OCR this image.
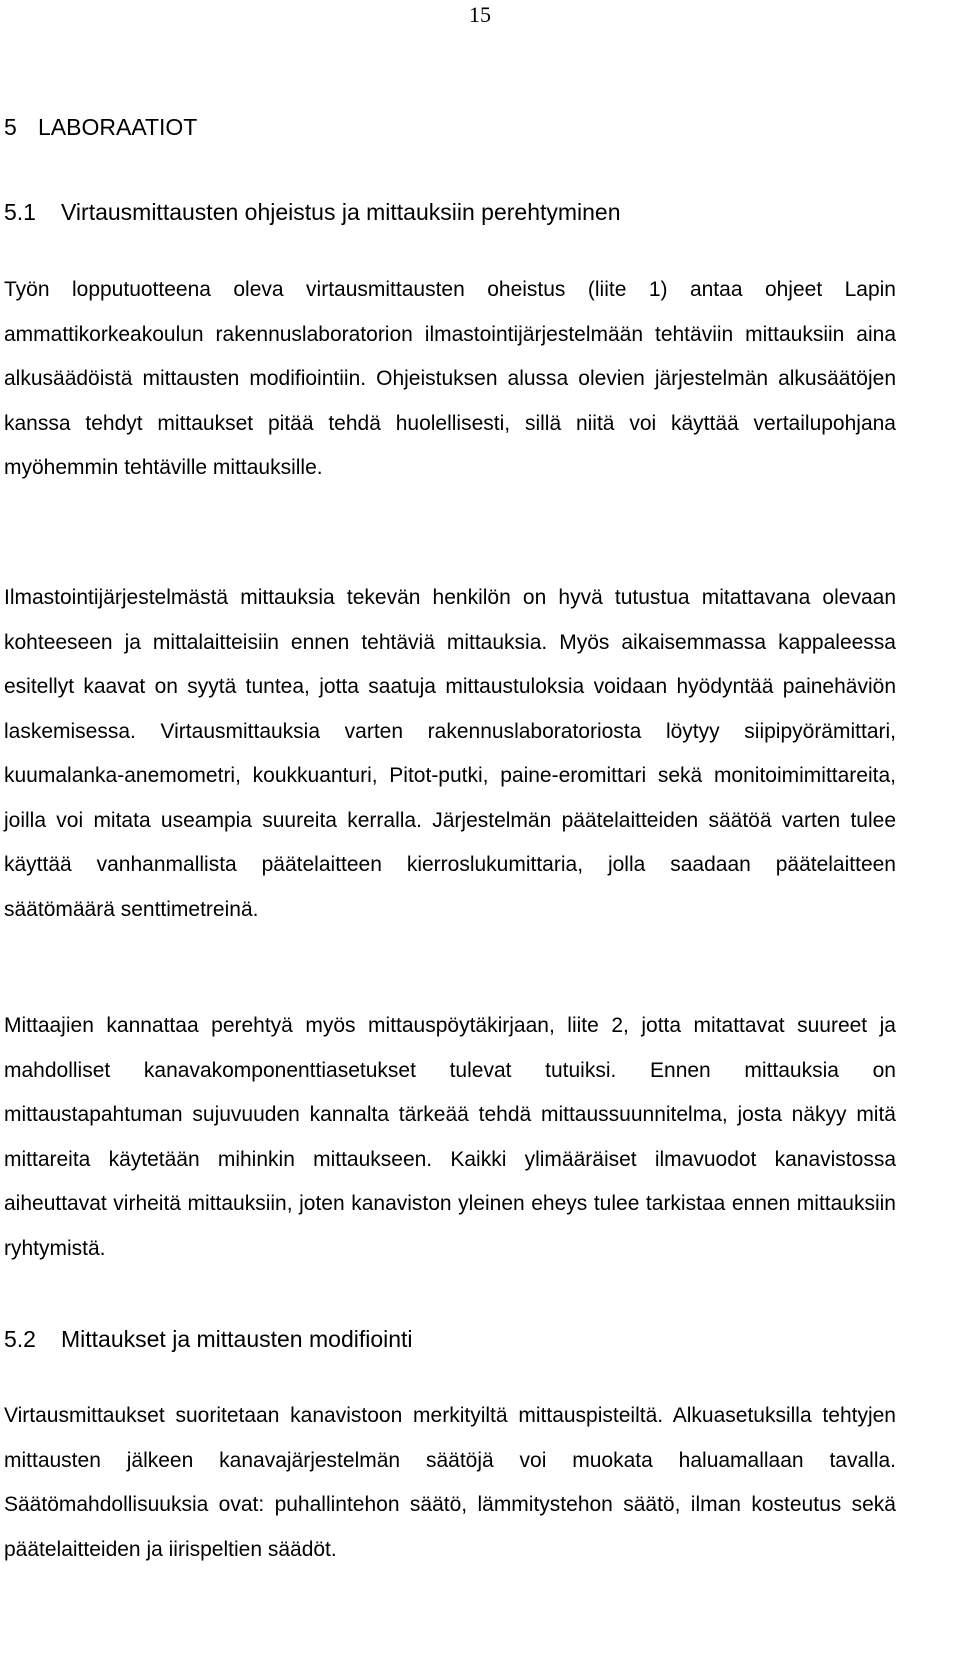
15
5 LABORAATIOT
5.1 Virtausmittausten ohjeistus ja mittauksiin perehtyminen

Työn lopputuotteena oleva virtausmittausten oheistus (liite 1) antaa ohjeet Lapin ammattikorkeakoulun rakennuslaboratorion ilmastointijärjestelmään tehtäviin mittauksiin aina alkusäädöistä mittausten modifiointiin. Ohjeistuksen alussa olevien järjestelmän alkusäätöjen kanssa tehdyt mittaukset pitää tehdä huolellisesti, sillä niitä voi käyttää vertailupohjana myöhemmin tehtäville mittauksille.

Ilmastointijärjestelmästä mittauksia tekevän henkilön on hyvä tutustua mitattavana olevaan kohteeseen ja mittalaitteisiin ennen tehtäviä mittauksia. Myös aikaisemmassa kappaleessa esitellyt kaavat on syytä tuntea, jotta saatuja mittaustuloksia voidaan hyödyntää painehäviön laskemisessa. Virtausmittauksia varten rakennuslaboratoriosta löytyy siipipyörämittari, kuumalanka-anemometri, koukkuanturi, Pitot-putki, paine-eromittari sekä monitoimimittareita, joilla voi mitata useampia suureita kerralla. Järjestelmän päätelaitteiden säätöä varten tulee käyttää vanhanmallista päätelaitteen kierroslukumittaria, jolla saadaan päätelaitteen säätömäärä senttimetreinä.

Mittaajien kannattaa perehtyä myös mittauspöytäkirjaan, liite 2, jotta mitattavat suureet ja mahdolliset kanavakomponenttiasetukset tulevat tutuiksi. Ennen mittauksia on mittaustapahtuman sujuvuuden kannalta tärkeää tehdä mittaussuunnitelma, josta näkyy mitä mittareita käytetään mihinkin mittaukseen. Kaikki ylimääräiset ilmavuodot kanavistossa aiheuttavat virheitä mittauksiin, joten kanaviston yleinen eheys tulee tarkistaa ennen mittauksiin ryhtymistä.

5.2 Mittaukset ja mittausten modifiointi

Virtausmittaukset suoritetaan kanavistoon merkityiltä mittauspisteiltä. Alkuasetuksilla tehtyjen mittausten jälkeen kanavajärjestelmän säätöjä voi muokata haluamallaan tavalla. Säätömahdollisuuksia ovat: puhallintehon säätö, lämmitystehon säätö, ilman kosteutus sekä päätelaitteiden ja iirispeltien säädöt.
